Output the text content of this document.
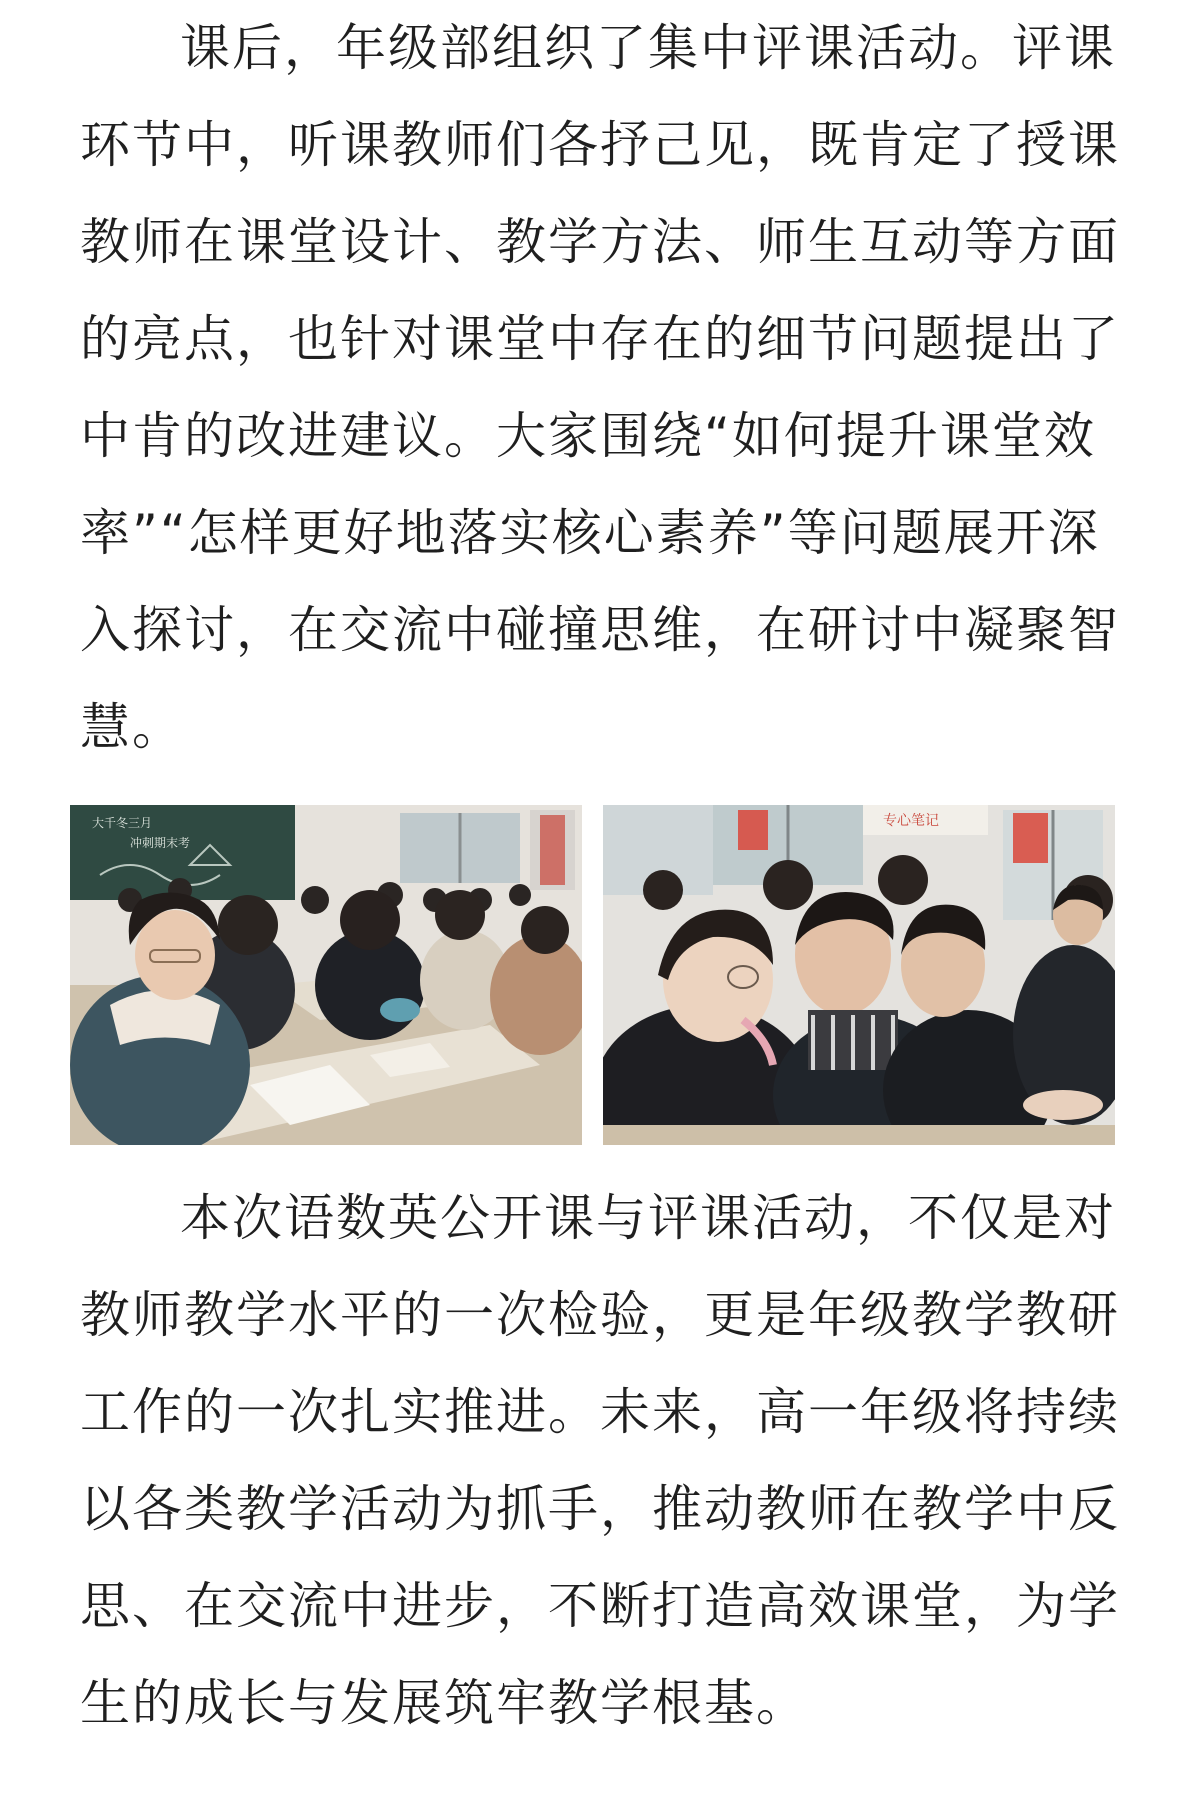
课后，年级部组织了集中评课活动。评课
环节中，听课教师们各抒己见，既肯定了授课
教师在课堂设计、教学方法、师生互动等方面
的亮点，也针对课堂中存在的细节问题提出了
中肯的改进建议。大家围绕“如何提升课堂效
率”“怎样更好地落实核心素养”等问题展开深
入探讨，在交流中碰撞思维，在研讨中凝聚智
慧。

大千冬三月
冲刺期末考
专心笔记

本次语数英公开课与评课活动，不仅是对
教师教学水平的一次检验，更是年级教学教研
工作的一次扎实推进。未来，高一年级将持续
以各类教学活动为抓手，推动教师在教学中反
思、在交流中进步，不断打造高效课堂，为学
生的成长与发展筑牢教学根基。
